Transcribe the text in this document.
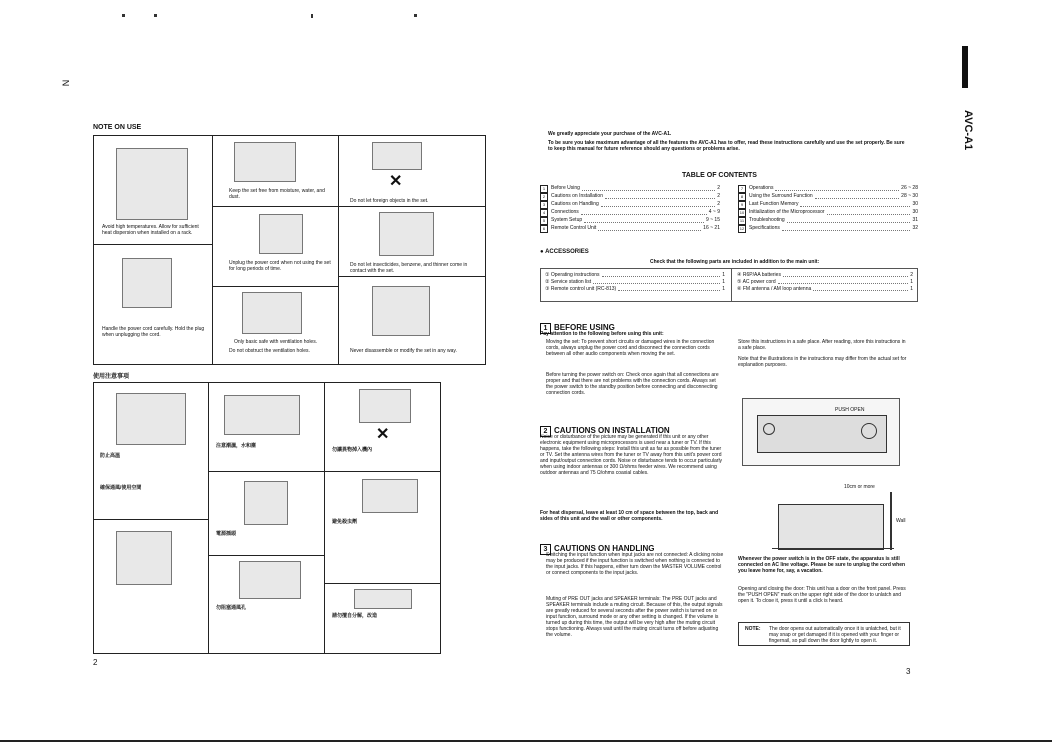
N
NOTE ON USE
Avoid high temperatures. Allow for sufficient heat dispersion when installed on a rack.
Keep the set free from moisture, water, and dust.
✕
Do not let foreign objects in the set.
Unplug the power cord when not using the set for long periods of time.
Do not let insecticides, benzene, and thinner come in contact with the set.
Handle the power cord carefully. Hold the plug when unplugging the cord.
Only basic safe with ventilation holes.
Do not obstruct the ventilation holes.	Never disassemble or modify the set in any way.
使用注意事項
防止高溫
確保通風/使用空間
注意潮濕，水和塵
✕
勿讓異物掉入機內
電源插頭
避免殺虫劑
勿阻塞通風孔
請勿擅自分解，改造
2
AVC-A1
We greatly appreciate your purchase of the AVC-A1.
To be sure you take maximum advantage of all the features the AVC-A1 has to offer, read these instructions carefully and use the set properly. Be sure to keep this manual for future reference should any questions or problems arise.
TABLE OF CONTENTS
1	Before Using	2
2	Cautions on Installation	2
3	Cautions on Handling	2
4	Connections	4 ~ 9
5	System Setup	9 ~ 15
6	Remote Control Unit	16 ~ 21
7	Operations	26 ~ 28
8	Using the Surround Function	28 ~ 30
9	Last Function Memory	30
10 Initialization of the Microprocessor	30
11 Troubleshooting	31
12 Specifications	32
● ACCESSORIES
Check that the following parts are included in addition to the main unit:
① Operating instructions	1
② Service station list	1
③ Remote control unit (RC-813)	1
④ R6P/AA batteries	2
⑤ AC power cord	1
⑥ FM antenna / AM loop antenna	1
1 BEFORE USING
Pay attention to the following before using this unit:
Moving the set: To prevent short circuits or damaged wires in the connection cords, always unplug the power cord and disconnect the connection cords between all other audio components when moving the set.
Before turning the power switch on: Check once again that all connections are proper and that there are not problems with the connection cords. Always set the power switch to the standby position before connecting and disconnecting connection cords.
Store this instructions in a safe place. After reading, store this instructions in a safe place.
Note that the illustrations in the instructions may differ from the actual set for explanation purposes.
2 CAUTIONS ON INSTALLATION
Noise or disturbance of the picture may be generated if this unit or any other electronic equipment using microprocessors is used near a tuner or TV. If this happens, take the following steps: Install this unit as far as possible from the tuner or TV. Set the antenna wires from the tuner or TV away from this unit's power cord and input/output connection cords. Noise or disturbance tends to occur particularly when using indoor antennas or 300 Ω/ohms feeder wires. We recommend using outdoor antennas and 75 Ω/ohms coaxial cables.
For heat dispersal, leave at least 10 cm of space between the top, back and sides of this unit and the wall or other components.
PUSH OPEN
10cm or more
Wall
3 CAUTIONS ON HANDLING
Switching the input function when input jacks are not connected: A clicking noise may be produced if the input function is switched when nothing is connected to the input jacks. If this happens, either turn down the MASTER VOLUME control or connect components to the input jacks.
Muting of PRE OUT jacks and SPEAKER terminals: The PRE OUT jacks and SPEAKER terminals include a muting circuit. Because of this, the output signals are greatly reduced for several seconds after the power switch is turned on or input function, surround mode or any other setting is changed. If the volume is turned up during this time, the output will be very high after the muting circuit stops functioning. Always wait until the muting circuit turns off before adjusting the volume.
Whenever the power switch is in the OFF state, the apparatus is still connected on AC line voltage. Please be sure to unplug the cord when you leave home for, say, a vacation.
Opening and closing the door: This unit has a door on the front panel. Press the "PUSH OPEN" mark on the upper right side of the door to unlatch and open it. To close it, press it until a click is heard.
NOTE: The door opens out automatically once it is unlatched, but it may snap or get damaged if it is opened with your finger or fingernail, so pull down the door lightly to open it.
3
